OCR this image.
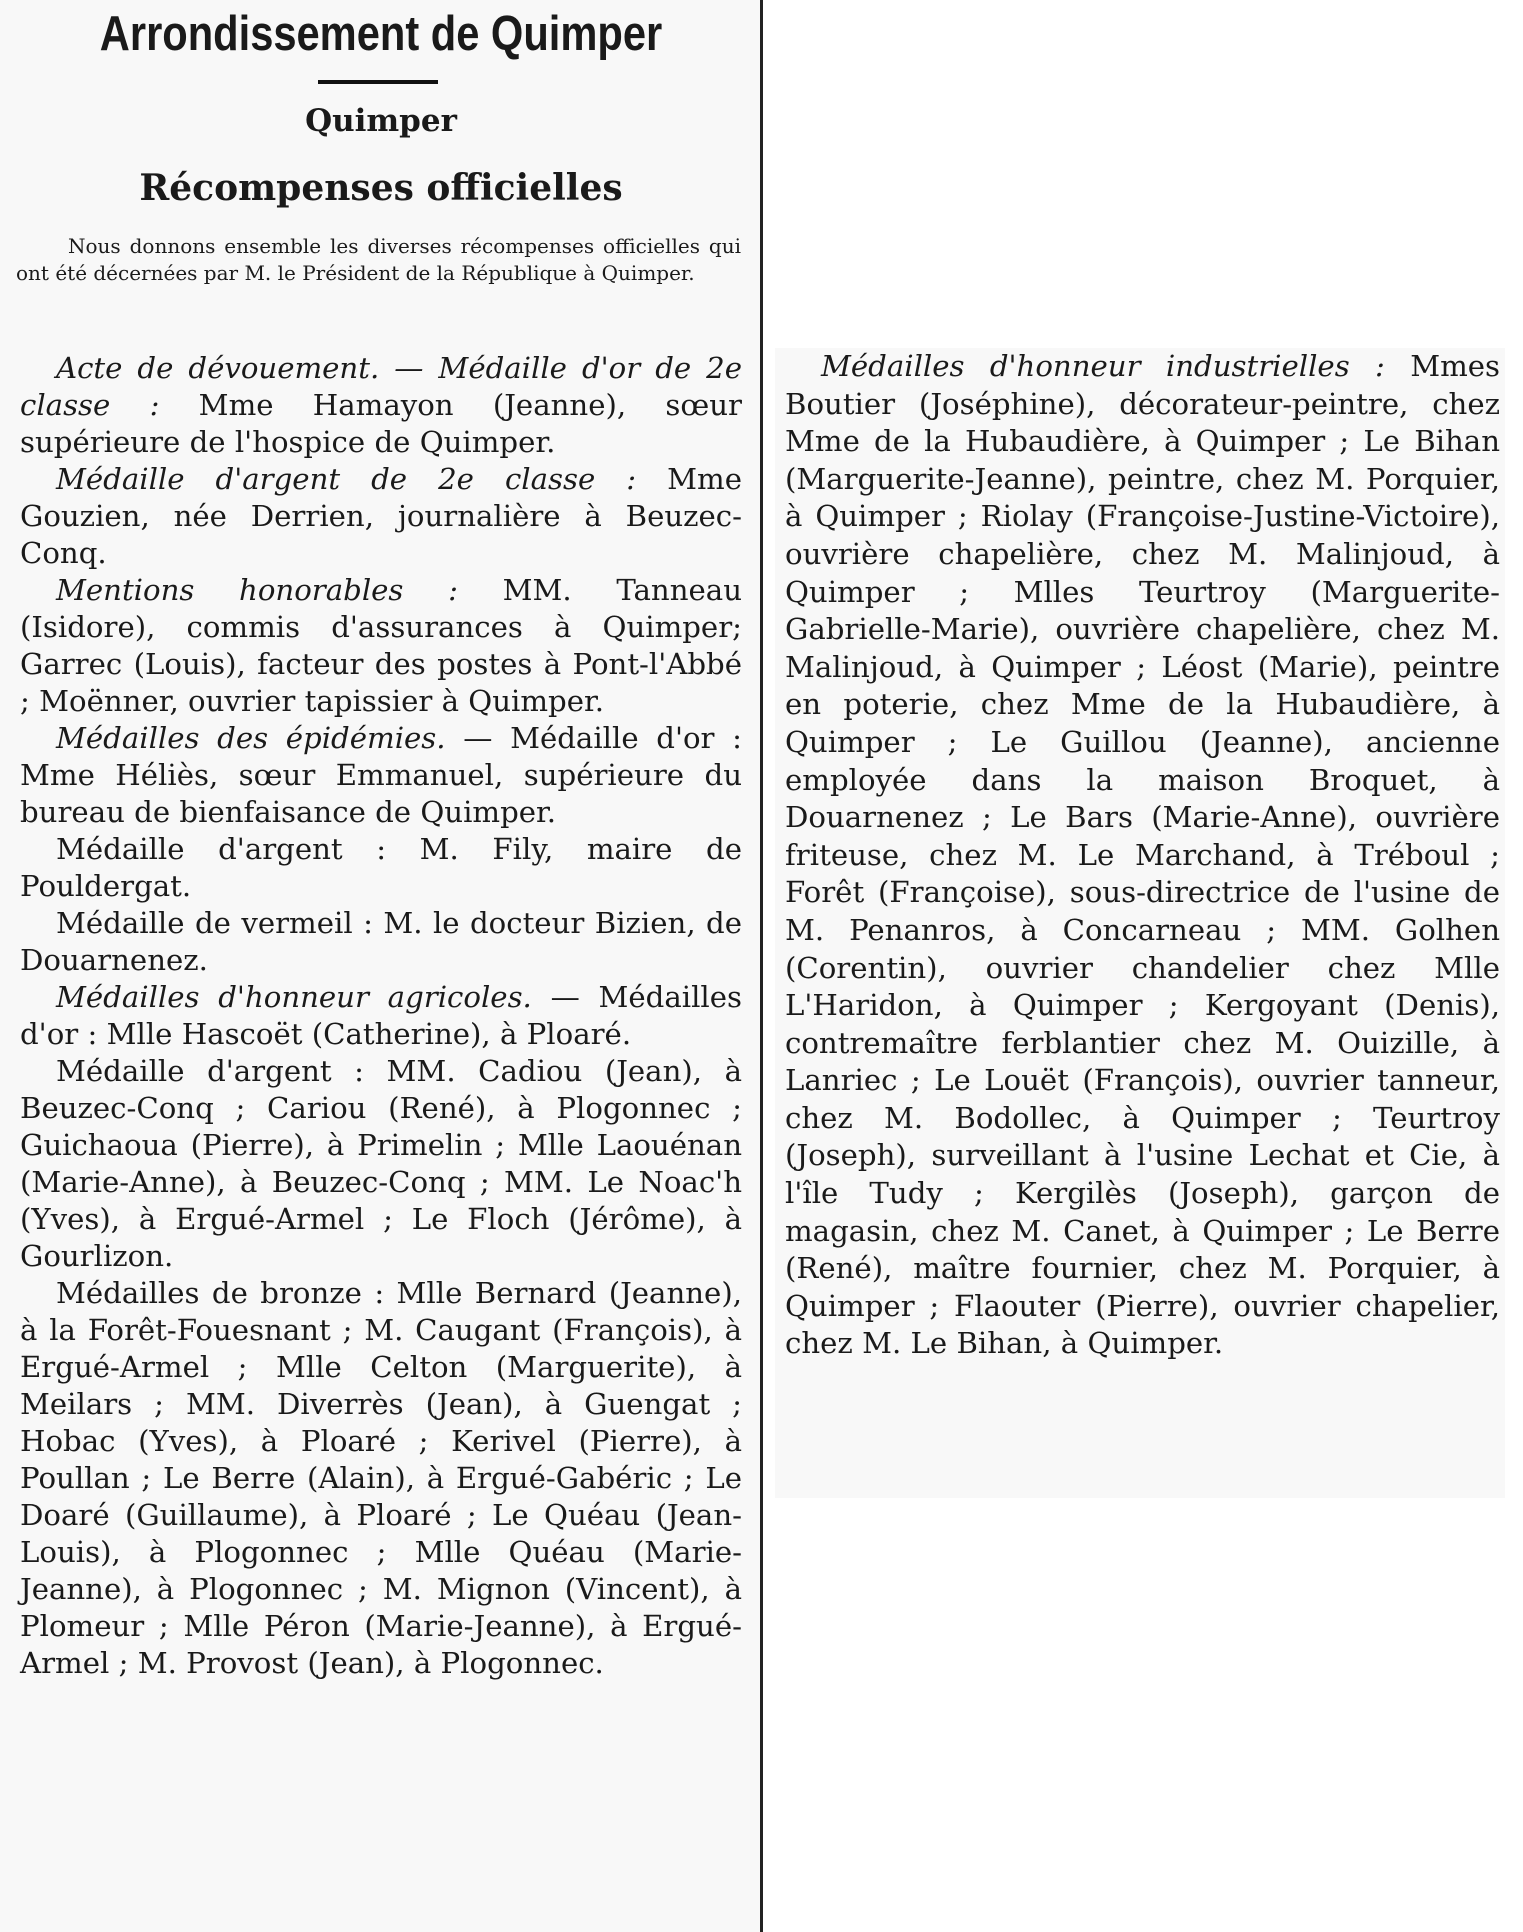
Arrondissement de Quimper
Quimper
Récompenses officielles

Nous donnons ensemble les diverses récompenses officielles qui ont été décernées par M. le Président de la République à Quimper.

Acte de dévouement. — Médaille d'or de 2e classe : Mme Hamayon (Jeanne), sœur supérieure de l'hospice de Quimper.

Médaille d'argent de 2e classe : Mme Gouzien, née Derrien, journalière à Beuzec-Conq.

Mentions honorables : MM. Tanneau (Isidore), commis d'assurances à Quimper; Garrec (Louis), facteur des postes à Pont-l'Abbé ; Moënner, ouvrier tapissier à Quimper.

Médailles des épidémies. — Médaille d'or : Mme Héliès, sœur Emmanuel, supérieure du bureau de bienfaisance de Quimper.

Médaille d'argent : M. Fily, maire de Pouldergat.

Médaille de vermeil : M. le docteur Bizien, de Douarnenez.

Médailles d'honneur agricoles. — Médailles d'or : Mlle Hascoët (Catherine), à Ploaré.

Médaille d'argent : MM. Cadiou (Jean), à Beuzec-Conq ; Cariou (René), à Plogonnec ; Guichaoua (Pierre), à Primelin ; Mlle Laouénan (Marie-Anne), à Beuzec-Conq ; MM. Le Noac'h (Yves), à Ergué-Armel ; Le Floch (Jérôme), à Gourlizon.

Médailles de bronze : Mlle Bernard (Jeanne), à la Forêt-Fouesnant ; M. Caugant (François), à Ergué-Armel ; Mlle Celton (Marguerite), à Meilars ; MM. Diverrès (Jean), à Guengat ; Hobac (Yves), à Ploaré ; Kerivel (Pierre), à Poullan ; Le Berre (Alain), à Ergué-Gabéric ; Le Doaré (Guillaume), à Ploaré ; Le Quéau (Jean-Louis), à Plogonnec ; Mlle Quéau (Marie-Jeanne), à Plogonnec ; M. Mignon (Vincent), à Plomeur ; Mlle Péron (Marie-Jeanne), à Ergué-Armel ; M. Provost (Jean), à Plogonnec.

Médailles d'honneur industrielles : Mmes Boutier (Joséphine), décorateur-peintre, chez Mme de la Hubaudière, à Quimper ; Le Bihan (Marguerite-Jeanne), peintre, chez M. Porquier, à Quimper ; Riolay (Françoise-Justine-Victoire), ouvrière chapelière, chez M. Malinjoud, à Quimper ; Mlles Teurtroy (Marguerite-Gabrielle-Marie), ouvrière chapelière, chez M. Malinjoud, à Quimper ; Léost (Marie), peintre en poterie, chez Mme de la Hubaudière, à Quimper ; Le Guillou (Jeanne), ancienne employée dans la maison Broquet, à Douarnenez ; Le Bars (Marie-Anne), ouvrière friteuse, chez M. Le Marchand, à Tréboul ; Forêt (Françoise), sous-directrice de l'usine de M. Penanros, à Concarneau ; MM. Golhen (Corentin), ouvrier chandelier chez Mlle L'Haridon, à Quimper ; Kergoyant (Denis), contremaître ferblantier chez M. Ouizille, à Lanriec ; Le Louët (François), ouvrier tanneur, chez M. Bodollec, à Quimper ; Teurtroy (Joseph), surveillant à l'usine Lechat et Cie, à l'île Tudy ; Kergilès (Joseph), garçon de magasin, chez M. Canet, à Quimper ; Le Berre (René), maître fournier, chez M. Porquier, à Quimper ; Flaouter (Pierre), ouvrier chapelier, chez M. Le Bihan, à Quimper.
